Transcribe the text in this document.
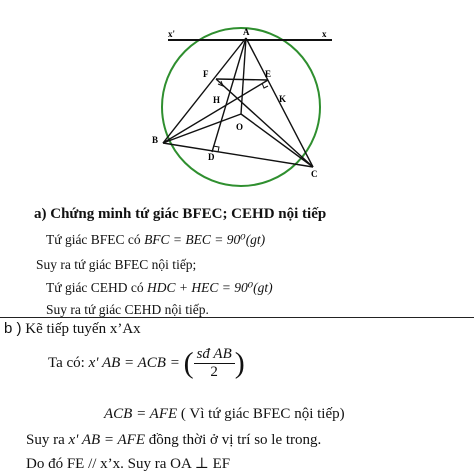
x'	A	x
F	E
H	K
O
B
D
C
a) Chứng minh tứ giác BFEC; CEHD nội tiếp
Tứ giác BFEC có BFC = BEC = 90⁰(gt)
Suy ra tứ giác BFEC nội tiếp;
Tứ giác CEHD có HDC + HEC = 90⁰(gt)
Suy ra tứ giác CEHD nội tiếp.
b ) Kẽ tiếp tuyến x’Ax
Ta có: x' AB = ACB = ( $\frac{\text{sđ AB}}{2}$ )
ACB = AFE ( Vì tứ giác BFEC nội tiếp)
Suy ra x' AB = AFE đồng thời ở vị trí so le trong.
Do đó FE // x’x. Suy ra OA ⊥ EF
